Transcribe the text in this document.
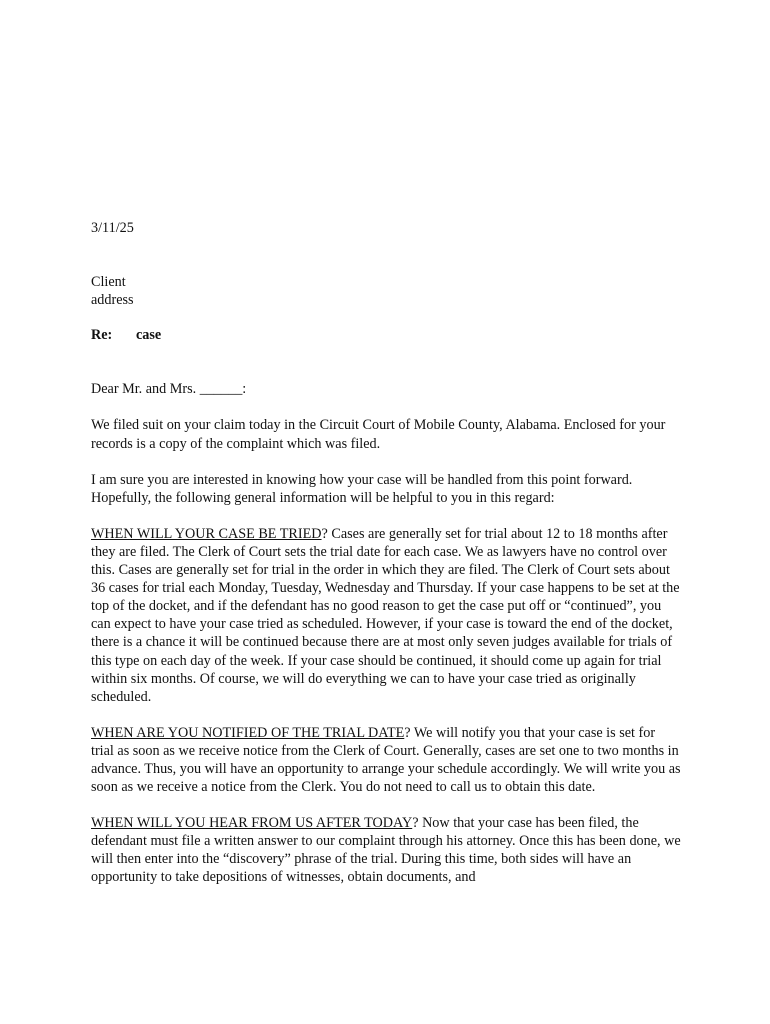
3/11/25
Client
address
Re: case
Dear Mr. and Mrs. ______:

We filed suit on your claim today in the Circuit Court of Mobile County, Alabama. Enclosed for your records is a copy of the complaint which was filed.

I am sure you are interested in knowing how your case will be handled from this point forward. Hopefully, the following general information will be helpful to you in this regard:

WHEN WILL YOUR CASE BE TRIED? Cases are generally set for trial about 12 to 18 months after they are filed. The Clerk of Court sets the trial date for each case. We as lawyers have no control over this. Cases are generally set for trial in the order in which they are filed. The Clerk of Court sets about 36 cases for trial each Monday, Tuesday, Wednesday and Thursday. If your case happens to be set at the top of the docket, and if the defendant has no good reason to get the case put off or “continued”, you can expect to have your case tried as scheduled. However, if your case is toward the end of the docket, there is a chance it will be continued because there are at most only seven judges available for trials of this type on each day of the week. If your case should be continued, it should come up again for trial within six months. Of course, we will do everything we can to have your case tried as originally scheduled.

WHEN ARE YOU NOTIFIED OF THE TRIAL DATE? We will notify you that your case is set for trial as soon as we receive notice from the Clerk of Court. Generally, cases are set one to two months in advance. Thus, you will have an opportunity to arrange your schedule accordingly. We will write you as soon as we receive a notice from the Clerk. You do not need to call us to obtain this date.

WHEN WILL YOU HEAR FROM US AFTER TODAY? Now that your case has been filed, the defendant must file a written answer to our complaint through his attorney. Once this has been done, we will then enter into the “discovery” phrase of the trial. During this time, both sides will have an opportunity to take depositions of witnesses, obtain documents, and
